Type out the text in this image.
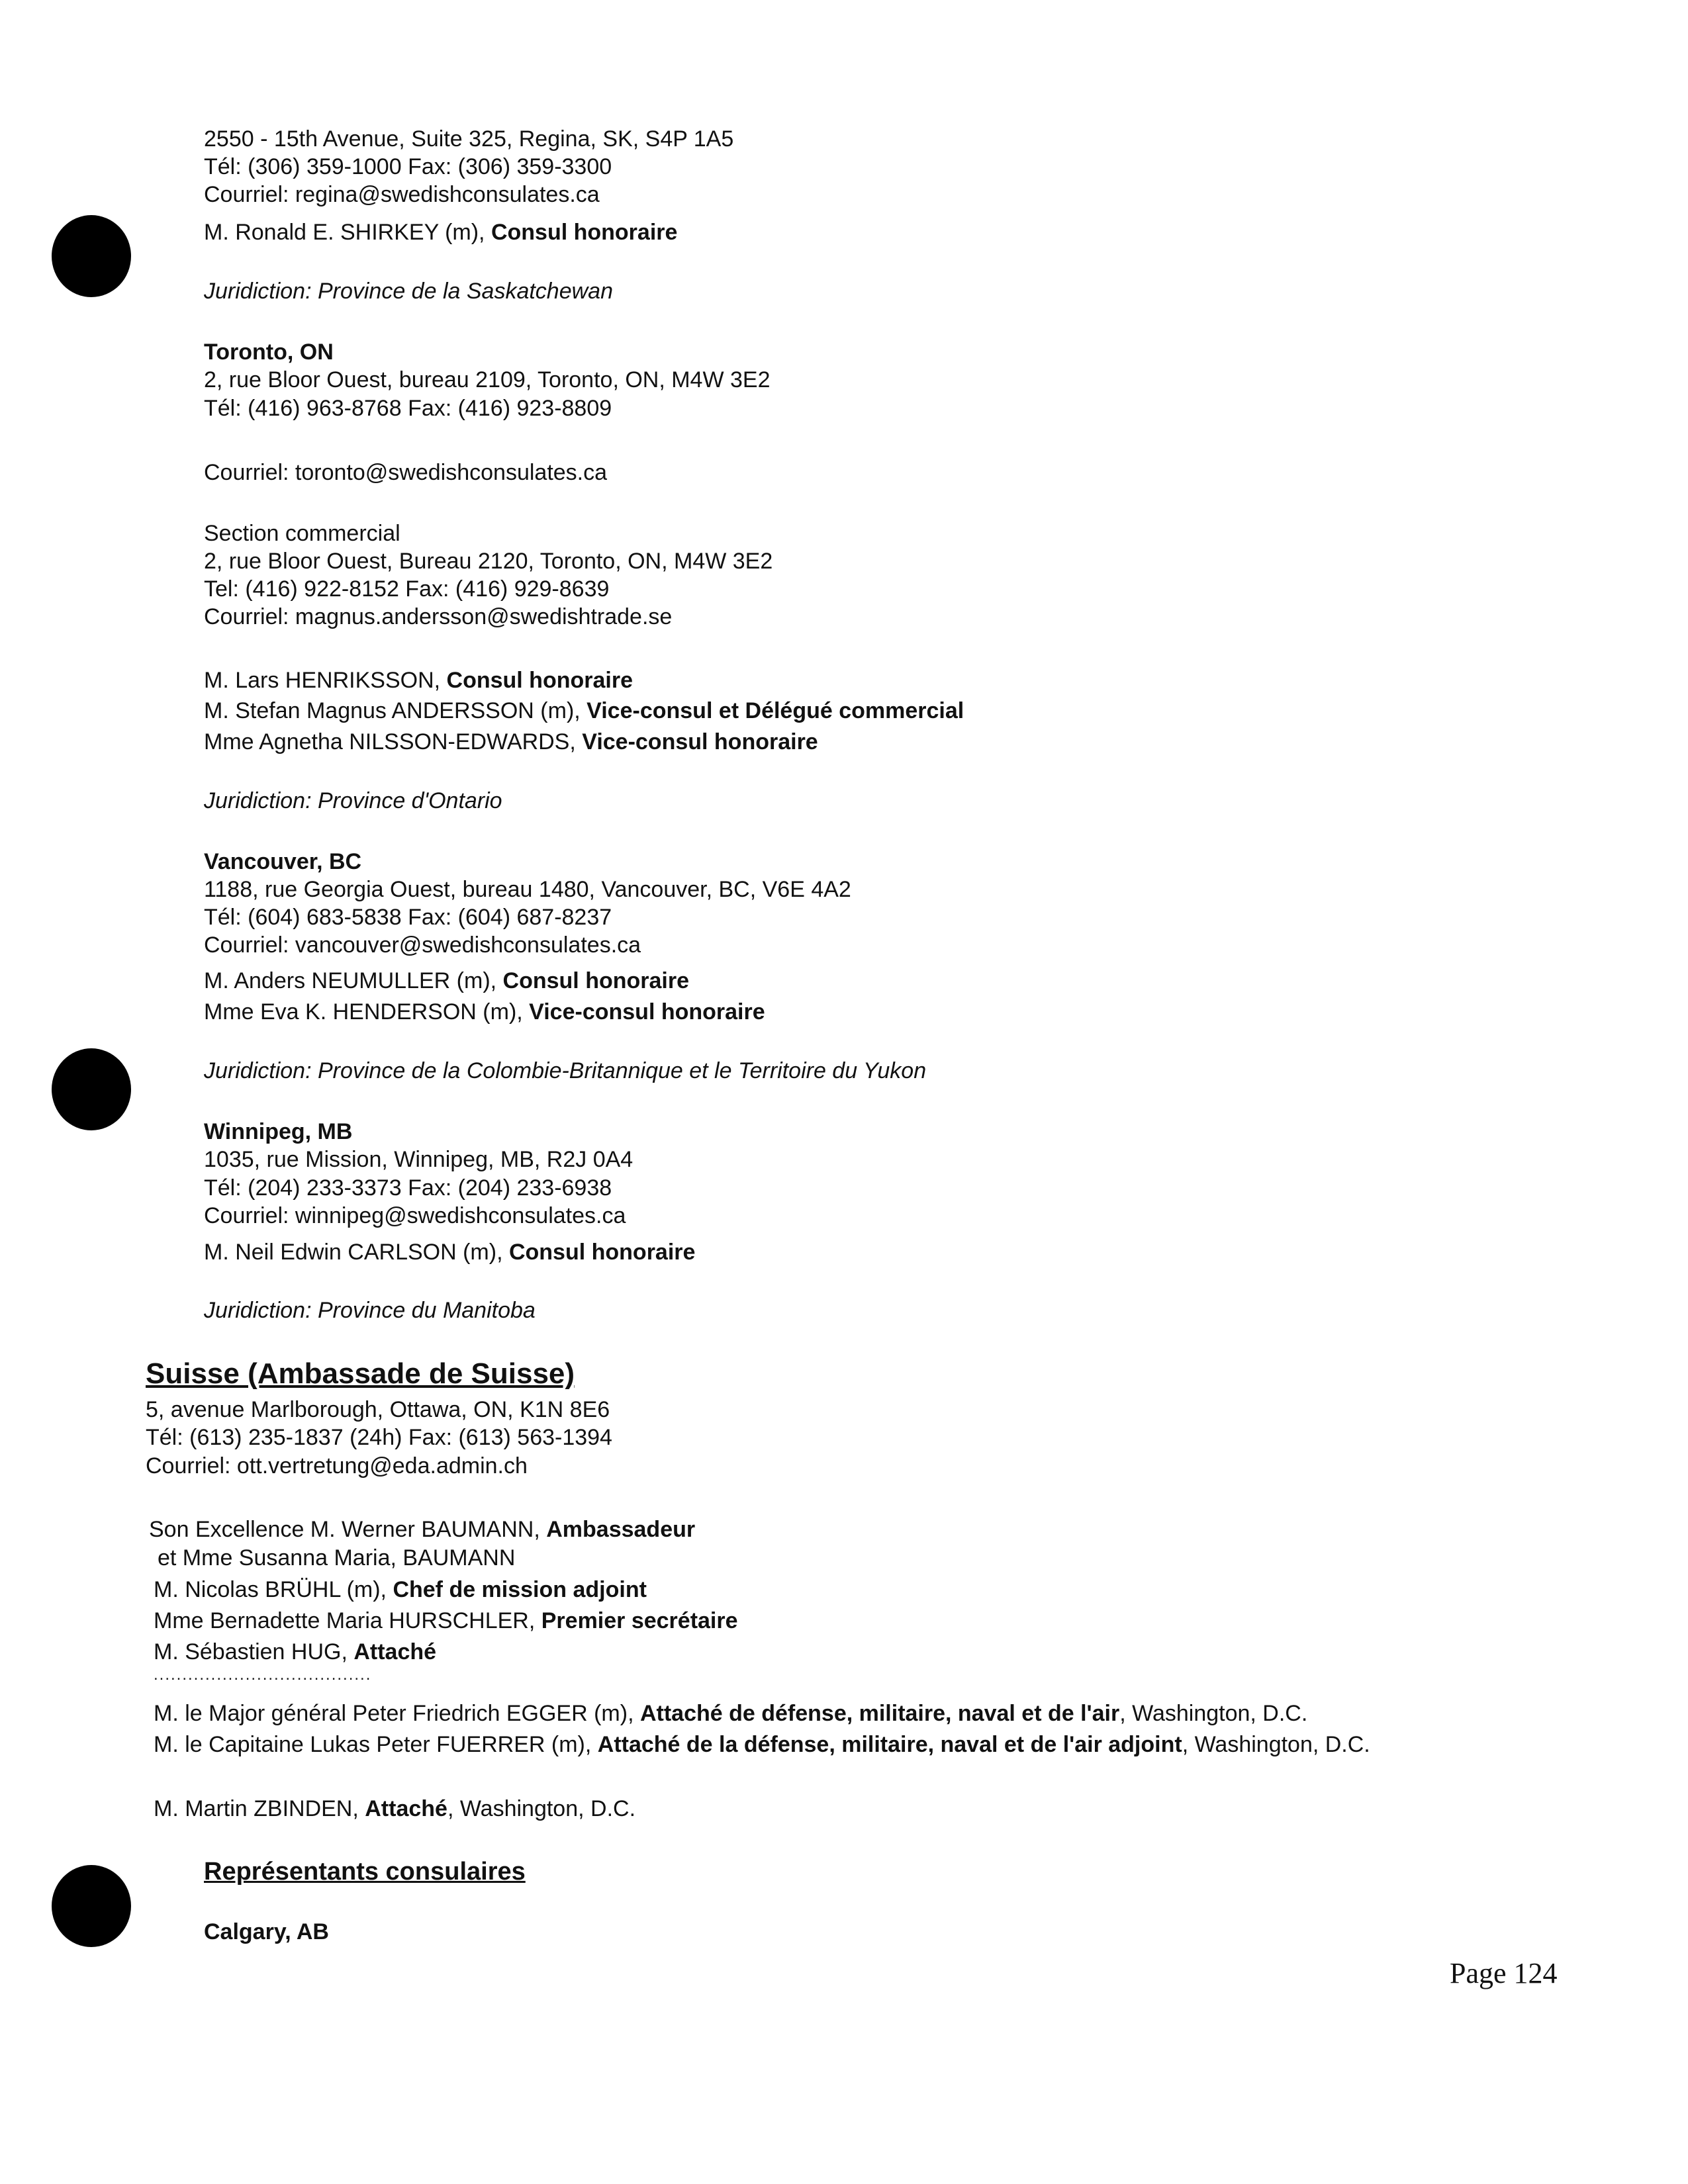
2550 - 15th Avenue, Suite 325, Regina, SK, S4P 1A5
Tél: (306) 359-1000 Fax: (306) 359-3300
Courriel: regina@swedishconsulates.ca
M. Ronald E. SHIRKEY (m), Consul honoraire
Juridiction: Province de la Saskatchewan
Toronto, ON
2, rue Bloor Ouest, bureau 2109, Toronto, ON, M4W 3E2
Tél: (416) 963-8768 Fax: (416) 923-8809
Courriel: toronto@swedishconsulates.ca
Section commercial
2, rue Bloor Ouest, Bureau 2120, Toronto, ON, M4W 3E2
Tel: (416) 922-8152 Fax: (416) 929-8639
Courriel: magnus.andersson@swedishtrade.se
M. Lars HENRIKSSON, Consul honoraire
M. Stefan Magnus ANDERSSON (m), Vice-consul et Délégué commercial
Mme Agnetha NILSSON-EDWARDS, Vice-consul honoraire
Juridiction: Province d'Ontario
Vancouver, BC
1188, rue Georgia Ouest, bureau 1480, Vancouver, BC, V6E 4A2
Tél: (604) 683-5838 Fax: (604) 687-8237
Courriel: vancouver@swedishconsulates.ca
M. Anders NEUMULLER (m), Consul honoraire
Mme Eva K. HENDERSON (m), Vice-consul honoraire
Juridiction: Province de la Colombie-Britannique et le Territoire du Yukon
Winnipeg, MB
1035, rue Mission, Winnipeg, MB, R2J 0A4
Tél: (204) 233-3373 Fax: (204) 233-6938
Courriel: winnipeg@swedishconsulates.ca
M. Neil Edwin CARLSON (m), Consul honoraire
Juridiction: Province du Manitoba
Suisse (Ambassade de Suisse)
5, avenue Marlborough, Ottawa, ON, K1N 8E6
Tél: (613) 235-1837 (24h) Fax: (613) 563-1394
Courriel: ott.vertretung@eda.admin.ch
Son Excellence M. Werner BAUMANN, Ambassadeur
et Mme Susanna Maria, BAUMANN
M. Nicolas BRÜHL (m), Chef de mission adjoint
Mme Bernadette Maria HURSCHLER, Premier secrétaire
M. Sébastien HUG, Attaché
......................................
M. le Major général Peter Friedrich EGGER (m), Attaché de défense, militaire, naval et de l'air, Washington, D.C.
M. le Capitaine Lukas Peter FUERRER (m), Attaché de la défense, militaire, naval et de l'air adjoint, Washington, D.C.
M. Martin ZBINDEN, Attaché, Washington, D.C.
Représentants consulaires
Calgary, AB
Page 124
